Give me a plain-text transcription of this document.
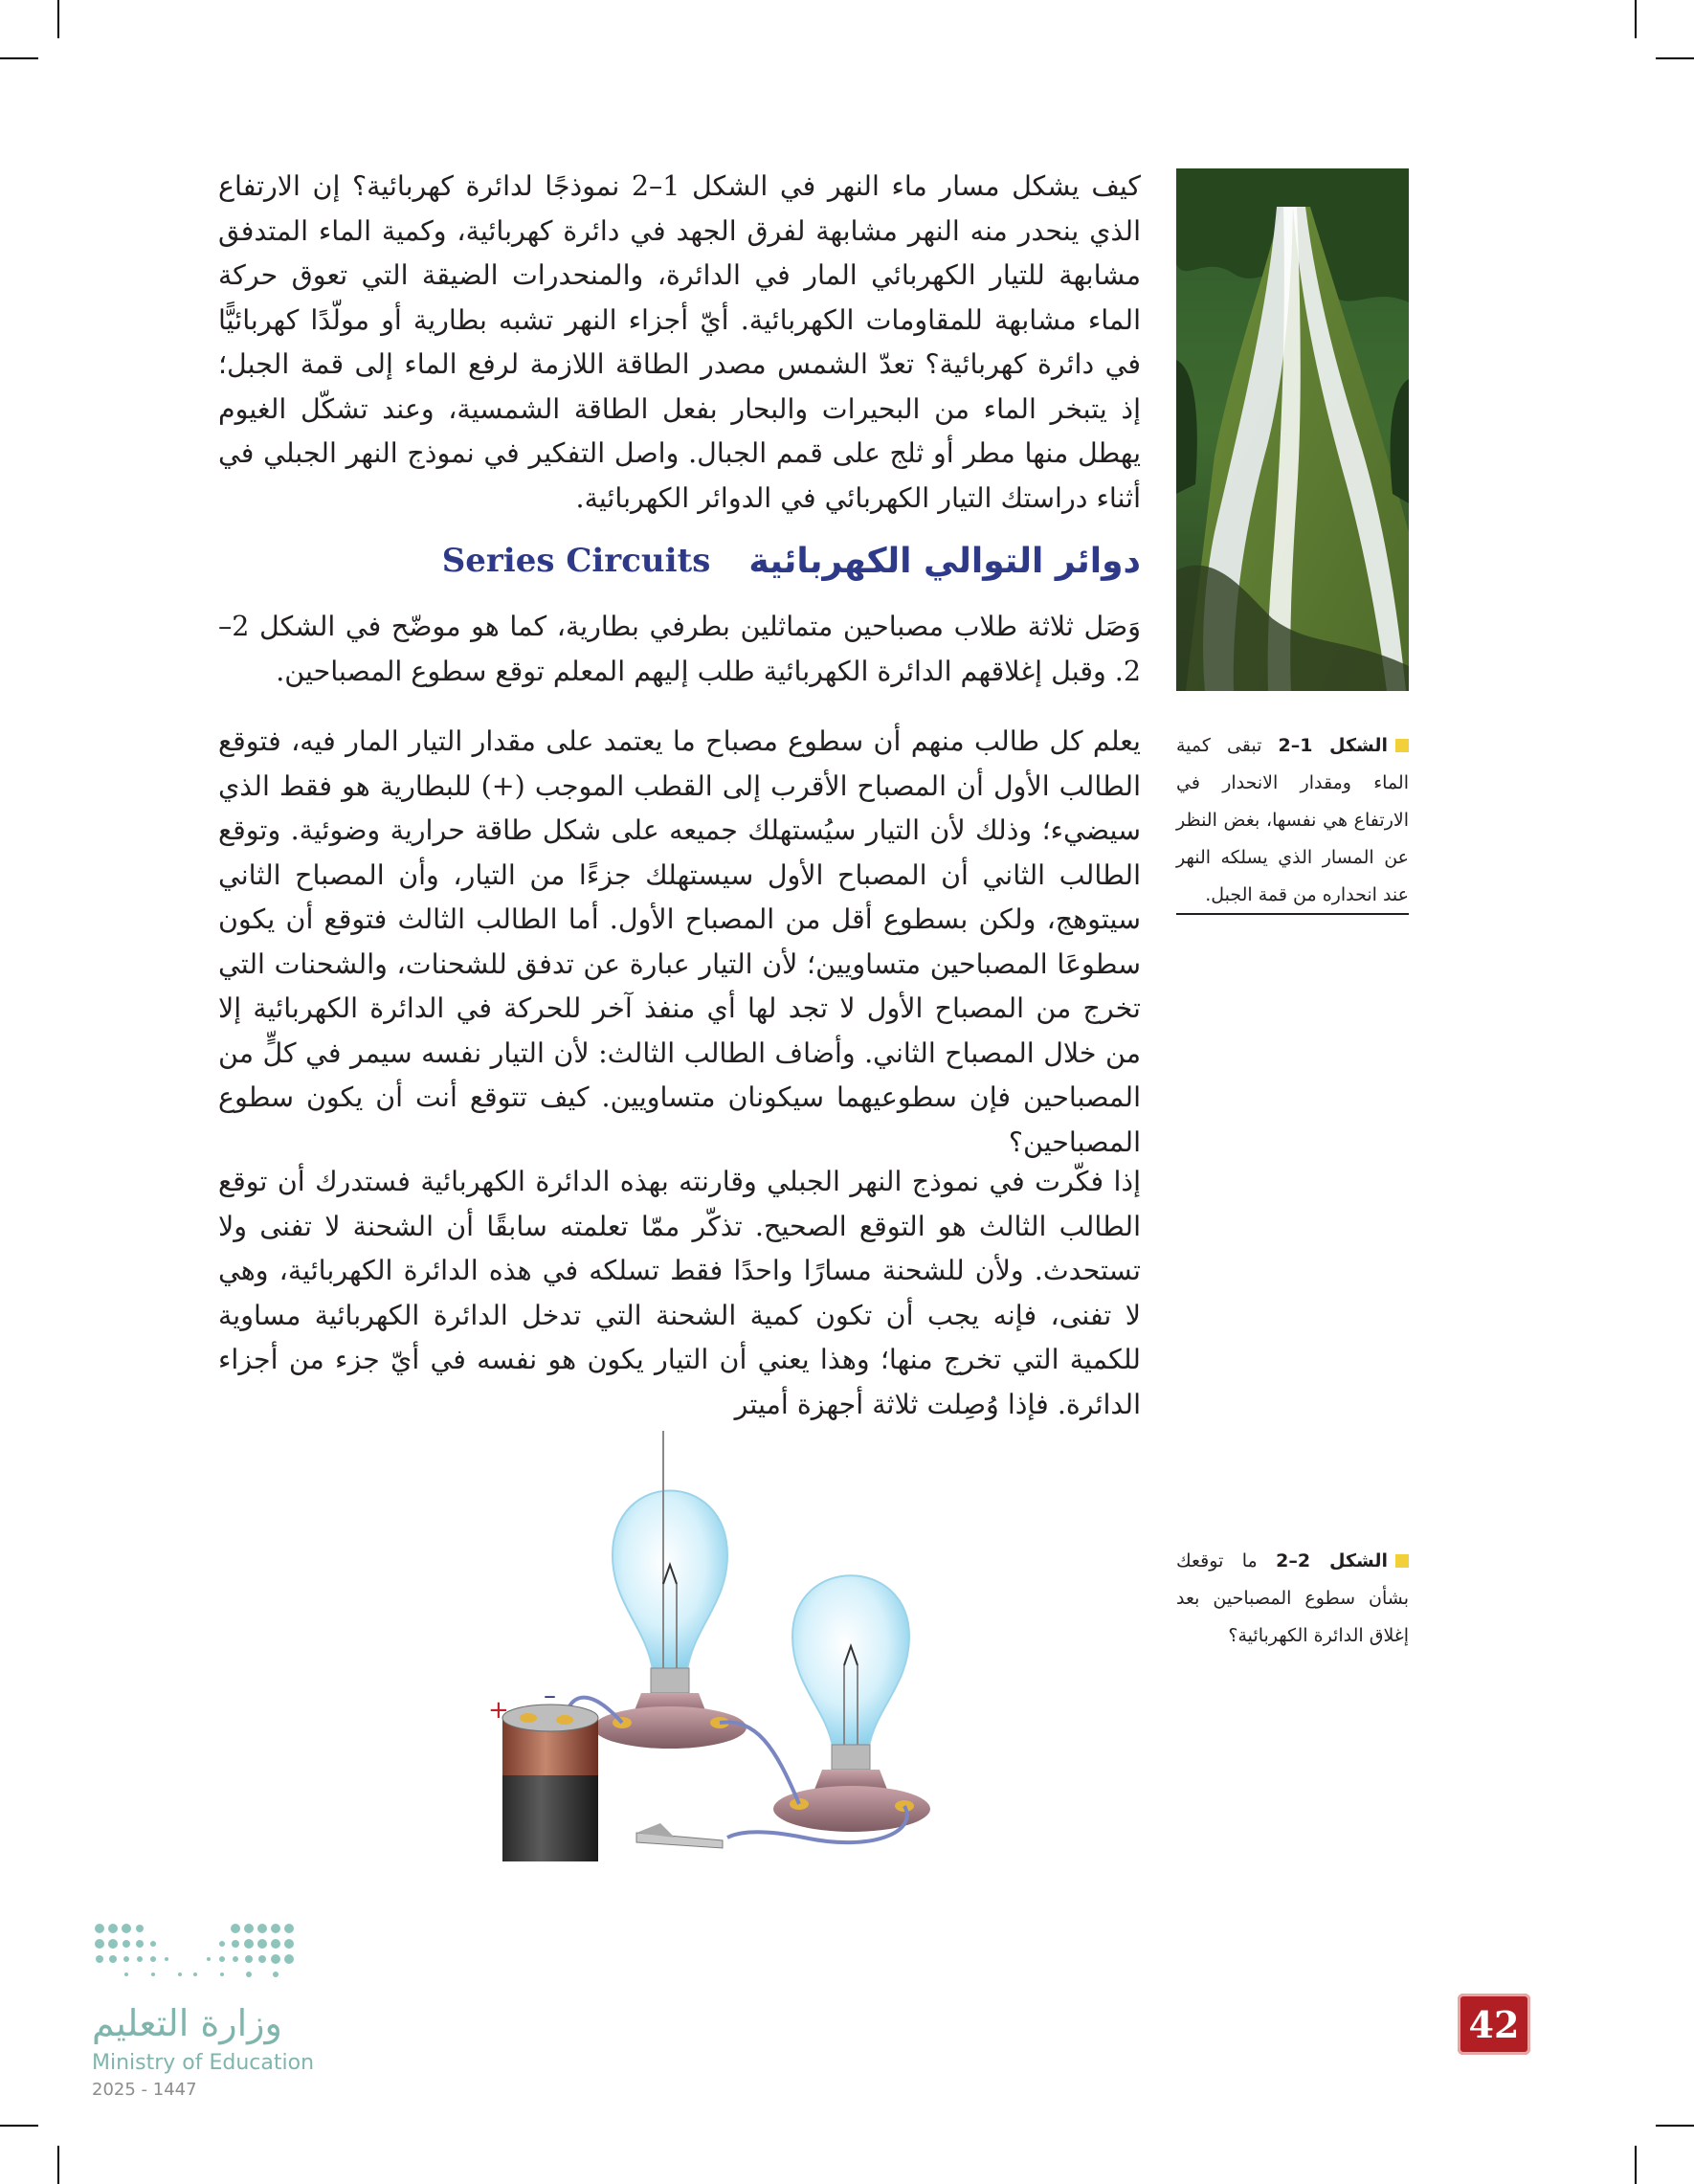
كيف يشكل مسار ماء النهر في الشكل 1–2 نموذجًا لدائرة كهربائية؟ إن الارتفاع الذي ينحدر منه النهر مشابهة لفرق الجهد في دائرة كهربائية، وكمية الماء المتدفق مشابهة للتيار الكهربائي المار في الدائرة، والمنحدرات الضيقة التي تعوق حركة الماء مشابهة للمقاومات الكهربائية. أيّ أجزاء النهر تشبه بطارية أو مولّدًا كهربائيًّا في دائرة كهربائية؟ تعدّ الشمس مصدر الطاقة اللازمة لرفع الماء إلى قمة الجبل؛ إذ يتبخر الماء من البحيرات والبحار بفعل الطاقة الشمسية، وعند تشكّل الغيوم يهطل منها مطر أو ثلج على قمم الجبال. واصل التفكير في نموذج النهر الجبلي في أثناء دراستك التيار الكهربائي في الدوائر الكهربائية.

دوائر التوالي الكهربائية
Series Circuits

وَصَل ثلاثة طلاب مصباحين متماثلين بطرفي بطارية، كما هو موضّح في الشكل 2–2. وقبل إغلاقهم الدائرة الكهربائية طلب إليهم المعلم توقع سطوع المصباحين.

يعلم كل طالب منهم أن سطوع مصباح ما يعتمد على مقدار التيار المار فيه، فتوقع الطالب الأول أن المصباح الأقرب إلى القطب الموجب (+) للبطارية هو فقط الذي سيضيء؛ وذلك لأن التيار سيُستهلك جميعه على شكل طاقة حرارية وضوئية. وتوقع الطالب الثاني أن المصباح الأول سيستهلك جزءًا من التيار، وأن المصباح الثاني سيتوهج، ولكن بسطوع أقل من المصباح الأول. أما الطالب الثالث فتوقع أن يكون سطوعَا المصباحين متساويين؛ لأن التيار عبارة عن تدفق للشحنات، والشحنات التي تخرج من المصباح الأول لا تجد لها أي منفذ آخر للحركة في الدائرة الكهربائية إلا من خلال المصباح الثاني. وأضاف الطالب الثالث: لأن التيار نفسه سيمر في كلٍّ من المصباحين فإن سطوعيهما سيكونان متساويين. كيف تتوقع أنت أن يكون سطوع المصباحين؟

إذا فكّرت في نموذج النهر الجبلي وقارنته بهذه الدائرة الكهربائية فستدرك أن توقع الطالب الثالث هو التوقع الصحيح. تذكّر ممّا تعلمته سابقًا أن الشحنة لا تفنى ولا تستحدث. ولأن للشحنة مسارًا واحدًا فقط تسلكه في هذه الدائرة الكهربائية، وهي لا تفنى، فإنه يجب أن تكون كمية الشحنة التي تدخل الدائرة الكهربائية مساوية للكمية التي تخرج منها؛ وهذا يعني أن التيار يكون هو نفسه في أيّ جزء من أجزاء الدائرة. فإذا وُصِلت ثلاثة أجهزة أميتر

الشكل 1–2 تبقى كمية الماء ومقدار الانحدار في الارتفاع هي نفسها، بغض النظر عن المسار الذي يسلكه النهر عند انحداره من قمة الجبل.

الشكل 2–2 ما توقعك بشأن سطوع المصباحين بعد إغلاق الدائرة الكهربائية؟

+ –
وزارة التعليم
Ministry of Education
2025 - 1447
42
